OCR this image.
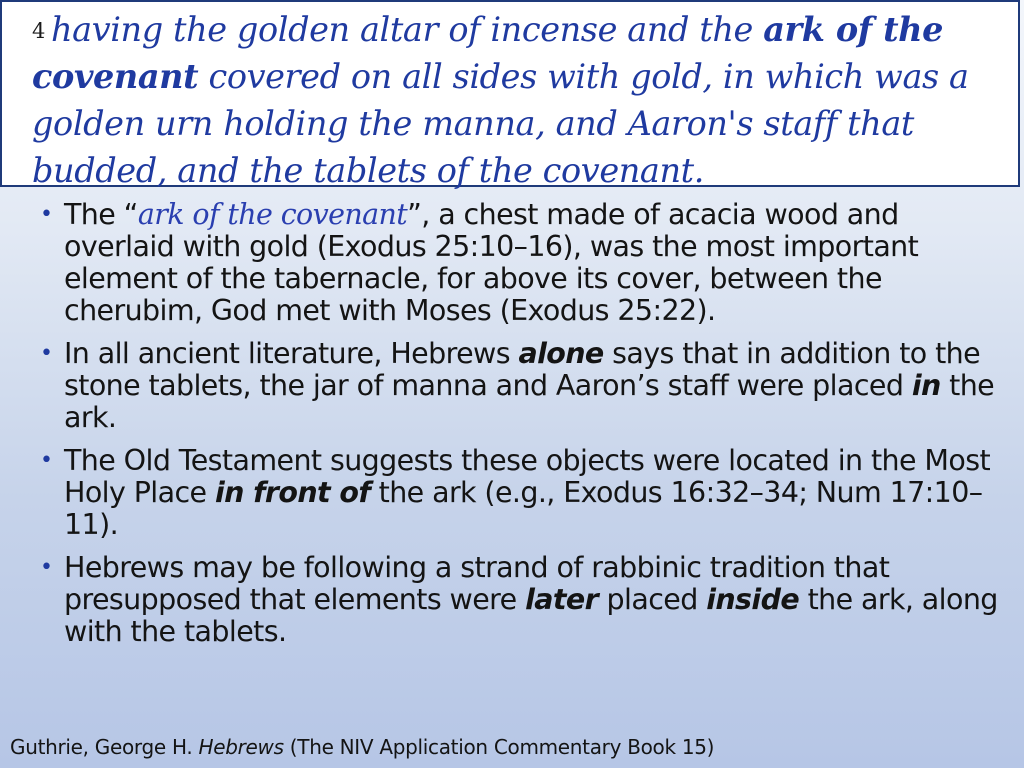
$^4$ having the golden altar of incense and the ark of the covenant covered on all sides with gold, in which was a golden urn holding the manna, and Aaron's staff that budded, and the tablets of the covenant.
• The “ark of the covenant”, a chest made of acacia wood and overlaid with gold (Exodus 25:10–16), was the most important element of the tabernacle, for above its cover, between the cherubim, God met with Moses (Exodus 25:22).
• In all ancient literature, Hebrews alone says that in addition to the stone tablets, the jar of manna and Aaron’s staff were placed in the ark.
• The Old Testament suggests these objects were located in the Most Holy Place in front of the ark (e.g., Exodus 16:32–34; Num 17:10–11).
• Hebrews may be following a strand of rabbinic tradition that presupposed that elements were later placed inside the ark, along with the tablets.
Guthrie, George H. Hebrews (The NIV Application Commentary Book 15)
